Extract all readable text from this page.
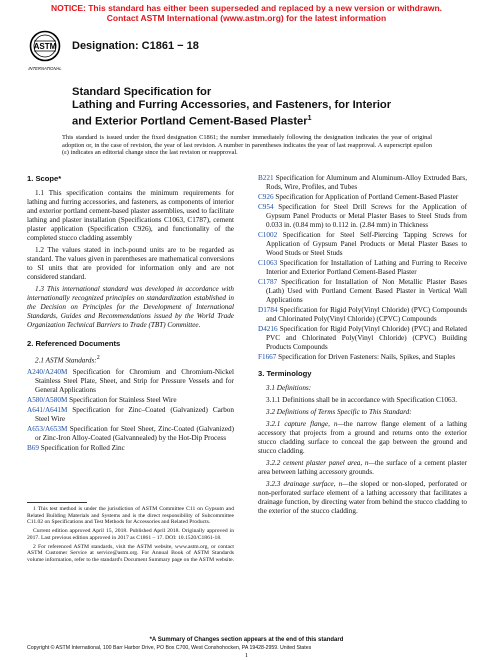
NOTICE: This standard has either been superseded and replaced by a new version or withdrawn.
Contact ASTM International (www.astm.org) for the latest information
ASTM
INTERNATIONAL
Designation: C1861 − 18
Standard Specification for
Lathing and Furring Accessories, and Fasteners, for Interior
and Exterior Portland Cement-Based Plaster$^1$
This standard is issued under the fixed designation C1861; the number immediately following the designation indicates the year of original adoption or, in the case of revision, the year of last revision. A number in parentheses indicates the year of last reapproval. A superscript epsilon (ε) indicates an editorial change since the last revision or reapproval.
1. Scope*

1.1 This specification contains the minimum requirements for lathing and furring accessories, and fasteners, as components of interior and exterior portland cement-based plaster assemblies, used to facilitate lathing and plaster installation (Specifications C1063, C1787), cement plaster application (Specification C926), and functionality of the completed stucco cladding assembly

1.2 The values stated in inch-pound units are to be regarded as standard. The values given in parentheses are mathematical conversions to SI units that are provided for information only and are not considered standard.

1.3 This international standard was developed in accordance with internationally recognized principles on standardization established in the Decision on Principles for the Development of International Standards, Guides and Recommendations issued by the World Trade Organization Technical Barriers to Trade (TBT) Committee.

2. Referenced Documents

2.1 ASTM Standards:$^2$

A240/A240M Specification for Chromium and Chromium-Nickel Stainless Steel Plate, Sheet, and Strip for Pressure Vessels and for General Applications

A580/A580M Specification for Stainless Steel Wire

A641/A641M Specification for Zinc–Coated (Galvanized) Carbon Steel Wire

A653/A653M Specification for Steel Sheet, Zinc-Coated (Galvanized) or Zinc-Iron Alloy-Coated (Galvannealed) by the Hot-Dip Process

B69 Specification for Rolled Zinc

B221 Specification for Aluminum and Aluminum-Alloy Extruded Bars, Rods, Wire, Profiles, and Tubes

C926 Specification for Application of Portland Cement-Based Plaster

C954 Specification for Steel Drill Screws for the Application of Gypsum Panel Products or Metal Plaster Bases to Steel Studs from 0.033 in. (0.84 mm) to 0.112 in. (2.84 mm) in Thickness

C1002 Specification for Steel Self-Piercing Tapping Screws for Application of Gypsum Panel Products or Metal Plaster Bases to Wood Studs or Steel Studs

C1063 Specification for Installation of Lathing and Furring to Receive Interior and Exterior Portland Cement-Based Plaster

C1787 Specification for Installation of Non Metallic Plaster Bases (Lath) Used with Portland Cement Based Plaster in Vertical Wall Applications

D1784 Specification for Rigid Poly(Vinyl Chloride) (PVC) Compounds and Chlorinated Poly(Vinyl Chloride) (CPVC) Compounds

D4216 Specification for Rigid Poly(Vinyl Chloride) (PVC) and Related PVC and Chlorinated Poly(Vinyl Chloride) (CPVC) Building Products Compounds

F1667 Specification for Driven Fasteners: Nails, Spikes, and Staples

3. Terminology

3.1 Definitions:

3.1.1 Definitions shall be in accordance with Specification C1063.

3.2 Definitions of Terms Specific to This Standard:

3.2.1 capture flange, n—the narrow flange element of a lathing accessory that projects from a ground and returns onto the exterior stucco cladding surface to conceal the gap between the ground and stucco cladding.

3.2.2 cement plaster panel area, n—the surface of a cement plaster area between lathing accessory grounds.

3.2.3 drainage surface, n—the sloped or non-sloped, perforated or non-perforated surface element of a lathing accessory that facilitates a drainage function, by directing water from behind the stucco cladding to the exterior of the stucco cladding.

1 This test method is under the jurisdiction of ASTM Committee C11 on Gypsum and Related Building Materials and Systems and is the direct responsibility of Subcommittee C11.02 on Specifications and Test Methods for Accessories and Related Products.

Current edition approved April 15, 2018. Published April 2018. Originally approved in 2017. Last previous edition approved in 2017 as C1861 – 17. DOI: 10.1520/C1861-18.

2 For referenced ASTM standards, visit the ASTM website, www.astm.org, or contact ASTM Customer Service at service@astm.org. For Annual Book of ASTM Standards volume information, refer to the standard's Document Summary page on the ASTM website.

*A Summary of Changes section appears at the end of this standard
Copyright © ASTM International, 100 Barr Harbor Drive, PO Box C700, West Conshohocken, PA 19428-2959. United States
1
